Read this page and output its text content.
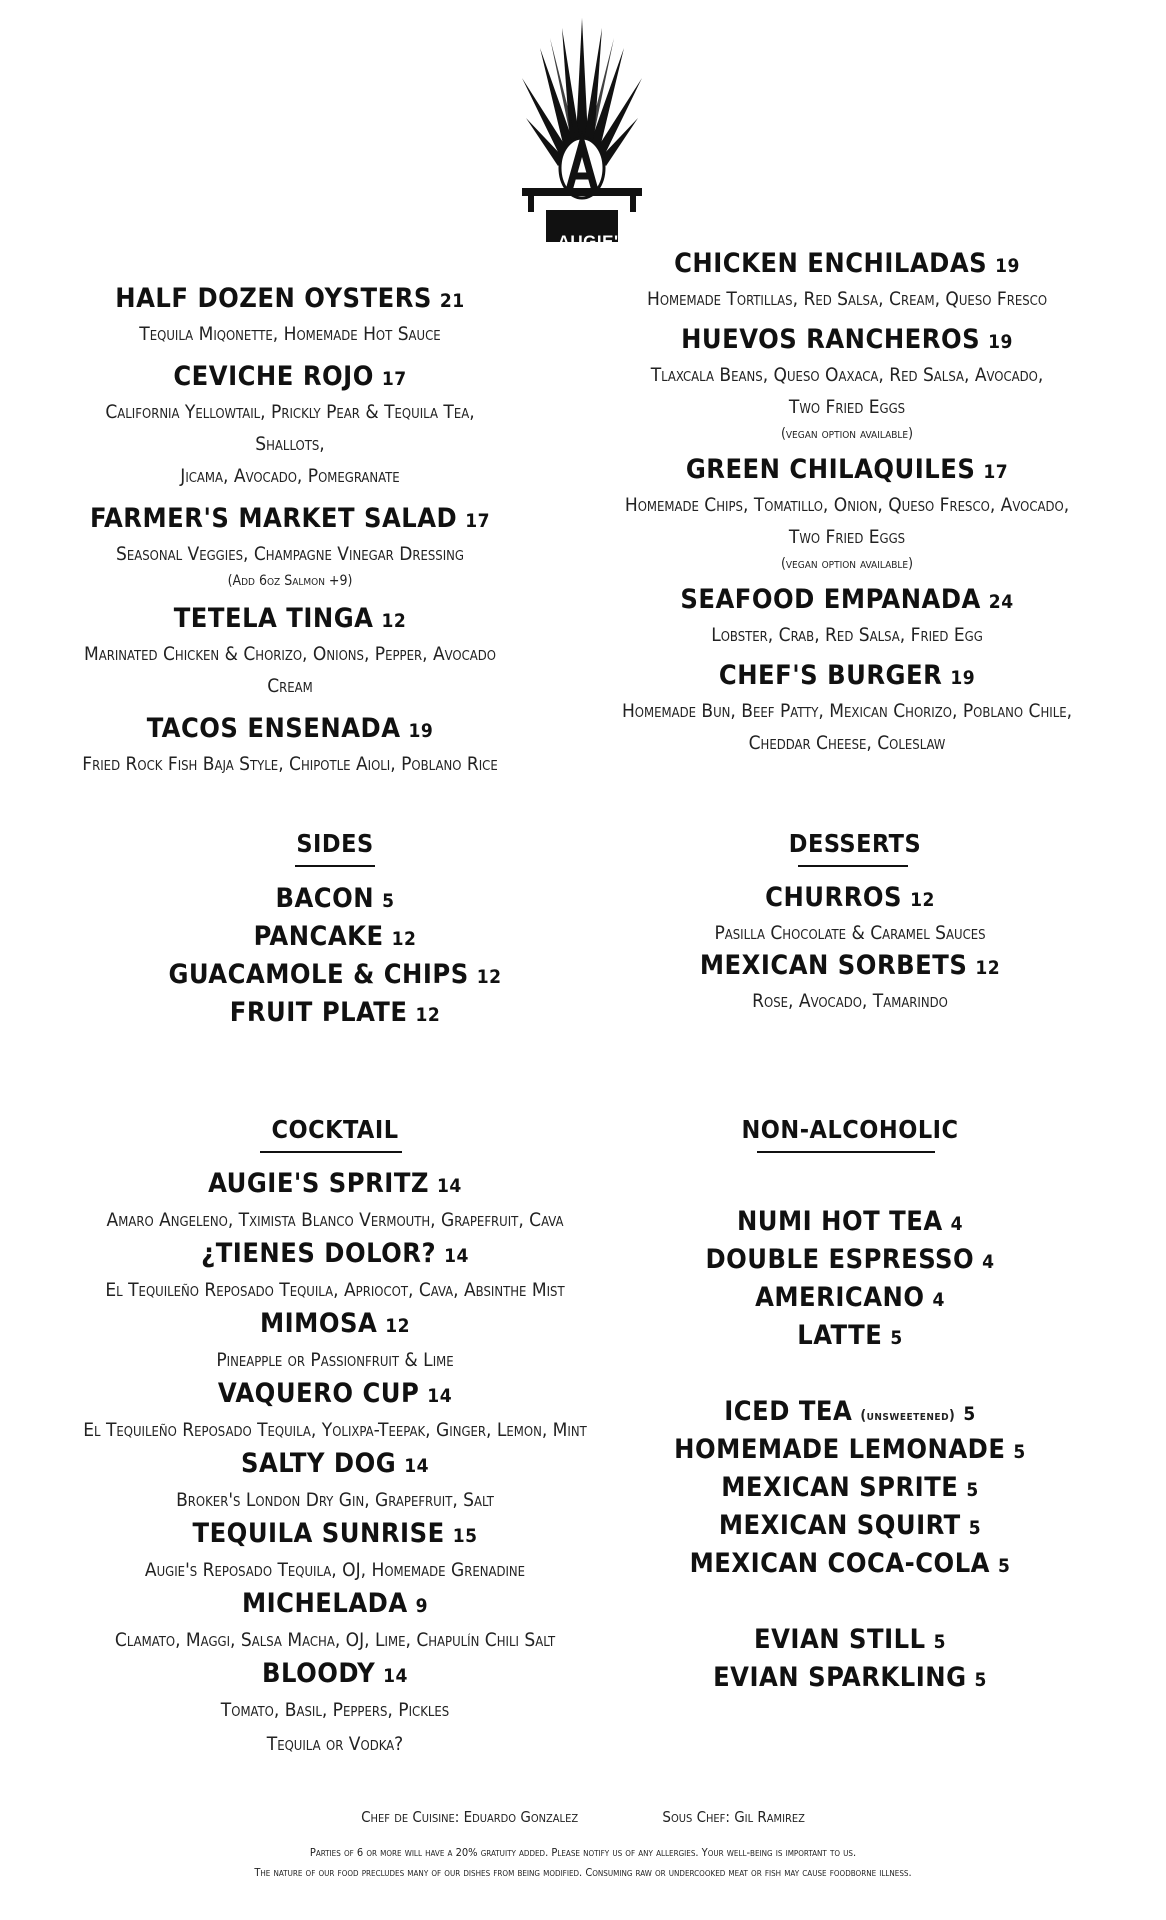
AUGIE'S
HALF DOZEN OYSTERS 21
Tequila Miqonette, Homemade Hot Sauce
CEVICHE ROJO 17
California Yellowtail, Prickly Pear & Tequila Tea, Shallots,
Jicama, Avocado, Pomegranate
FARMER'S MARKET SALAD 17
Seasonal Veggies, Champagne Vinegar Dressing
(Add 6oz Salmon +9)
TETELA TINGA 12
Marinated Chicken & Chorizo, Onions, Pepper, Avocado Cream
TACOS ENSENADA 19
Fried Rock Fish Baja Style, Chipotle Aioli, Poblano Rice
CHICKEN ENCHILADAS 19
Homemade Tortillas, Red Salsa, Cream, Queso Fresco
HUEVOS RANCHEROS 19
Tlaxcala Beans, Queso Oaxaca, Red Salsa, Avocado,
Two Fried Eggs
(vegan option available)
GREEN CHILAQUILES 17
Homemade Chips, Tomatillo, Onion, Queso Fresco, Avocado,
Two Fried Eggs
(vegan option available)
SEAFOOD EMPANADA 24
Lobster, Crab, Red Salsa, Fried Egg
CHEF'S BURGER 19
Homemade Bun, Beef Patty, Mexican Chorizo, Poblano Chile,
Cheddar Cheese, Coleslaw
SIDES
BACON 5
PANCAKE 12
GUACAMOLE & CHIPS 12
FRUIT PLATE 12
DESSERTS
CHURROS 12
Pasilla Chocolate & Caramel Sauces
MEXICAN SORBETS 12
Rose, Avocado, Tamarindo
COCKTAIL
AUGIE'S SPRITZ 14
Amaro Angeleno, Tximista Blanco Vermouth, Grapefruit, Cava
¿TIENES DOLOR? 14
El Tequileño Reposado Tequila, Apriocot, Cava, Absinthe Mist
MIMOSA 12
Pineapple or Passionfruit & Lime
VAQUERO CUP 14
El Tequileño Reposado Tequila, Yolixpa-Teepak, Ginger, Lemon, Mint
SALTY DOG 14
Broker's London Dry Gin, Grapefruit, Salt
TEQUILA SUNRISE 15
Augie's Reposado Tequila, OJ, Homemade Grenadine
MICHELADA 9
Clamato, Maggi, Salsa Macha, OJ, Lime, Chapulín Chili Salt
BLOODY 14
Tomato, Basil, Peppers, Pickles
Tequila or Vodka?
NON-ALCOHOLIC
NUMI HOT TEA 4
DOUBLE ESPRESSO 4
AMERICANO 4
LATTE 5
ICED TEA (unsweetened) 5
HOMEMADE LEMONADE 5
MEXICAN SPRITE 5
MEXICAN SQUIRT 5
MEXICAN COCA-COLA 5
EVIAN STILL 5
EVIAN SPARKLING 5
Chef de Cuisine: Eduardo Gonzalez	Sous Chef: Gil Ramirez
Parties of 6 or more will have a 20% gratuity added. Please notify us of any allergies. Your well-being is important to us.
The nature of our food precludes many of our dishes from being modified. Consuming raw or undercooked meat or fish may cause foodborne illness.
